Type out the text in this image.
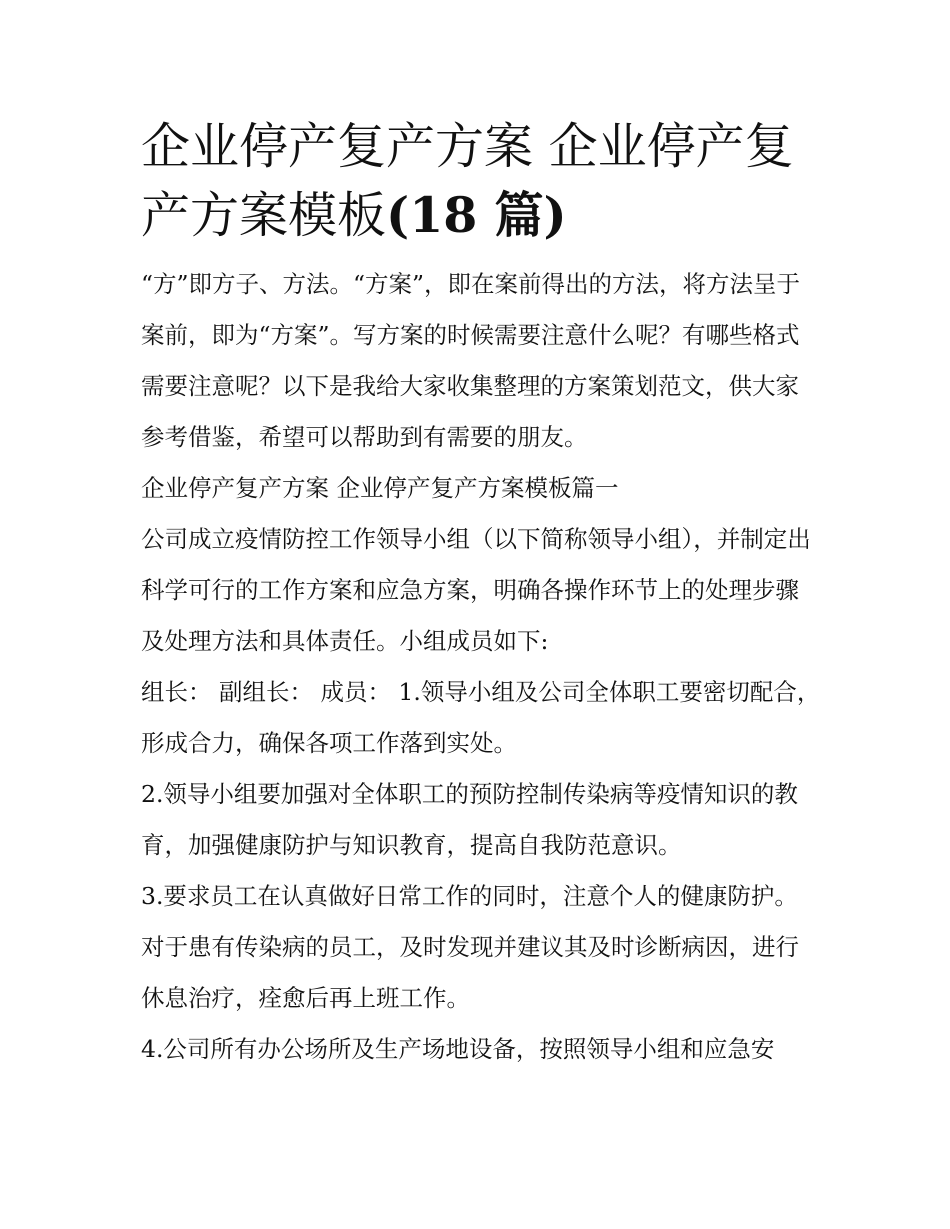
企业停产复产方案 企业停产复产方案模板(18 篇)

“方”即方子、方法。“方案”，即在案前得出的方法，将方法呈于案前，即为“方案”。写方案的时候需要注意什么呢？有哪些格式需要注意呢？以下是我给大家收集整理的方案策划范文，供大家参考借鉴，希望可以帮助到有需要的朋友。

企业停产复产方案 企业停产复产方案模板篇一

公司成立疫情防控工作领导小组（以下简称领导小组），并制定出科学可行的工作方案和应急方案，明确各操作环节上的处理步骤及处理方法和具体责任。小组成员如下:

组长： 副组长： 成员： 1.领导小组及公司全体职工要密切配合，形成合力，确保各项工作落到实处。

2.领导小组要加强对全体职工的预防控制传染病等疫情知识的教育，加强健康防护与知识教育，提高自我防范意识。

3.要求员工在认真做好日常工作的同时，注意个人的健康防护。对于患有传染病的员工，及时发现并建议其及时诊断病因，进行休息治疗，痊愈后再上班工作。

4.公司所有办公场所及生产场地设备，按照领导小组和应急安
